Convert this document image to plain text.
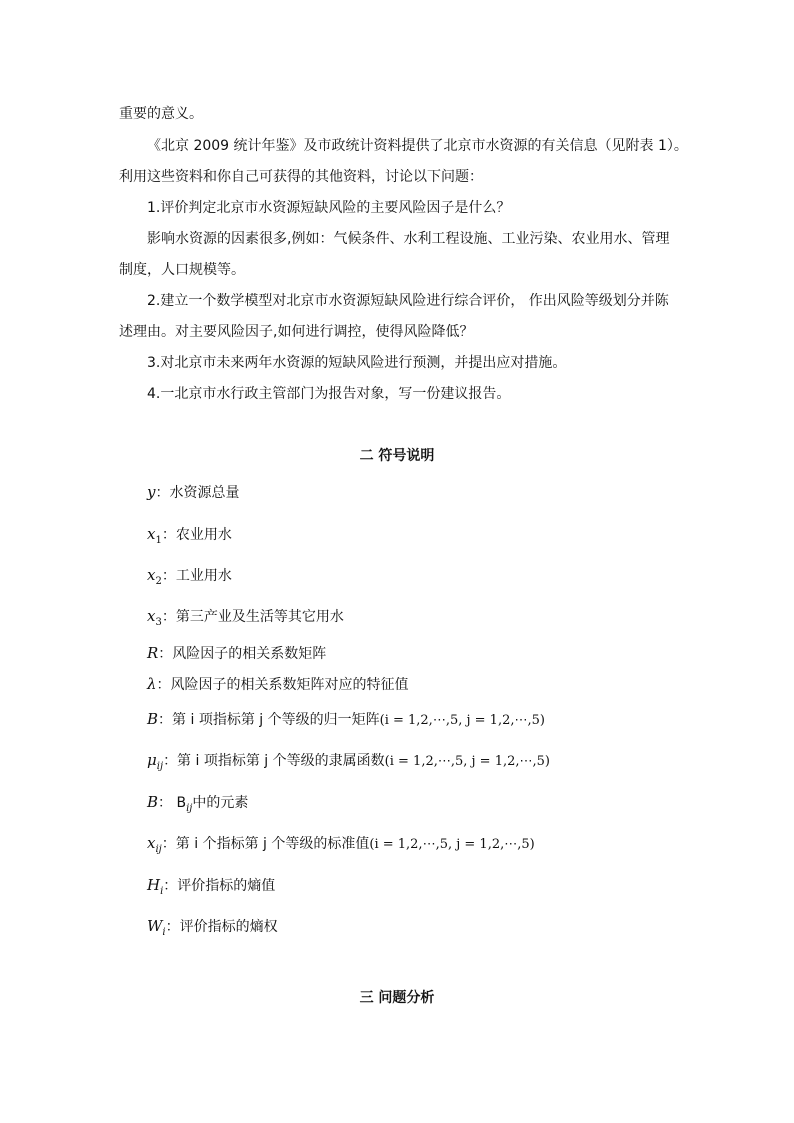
重要的意义。

《北京 2009 统计年鉴》及市政统计资料提供了北京市水资源的有关信息（见附表 1）。

利用这些资料和你自己可获得的其他资料，讨论以下问题：

1.评价判定北京市水资源短缺风险的主要风险因子是什么？

影响水资源的因素很多,例如：气候条件、水利工程设施、工业污染、农业用水、管理

制度，人口规模等。

2.建立一个数学模型对北京市水资源短缺风险进行综合评价， 作出风险等级划分并陈

述理由。对主要风险因子,如何进行调控，使得风险降低？

3.对北京市未来两年水资源的短缺风险进行预测，并提出应对措施。

4.一北京市水行政主管部门为报告对象，写一份建议报告。

二 符号说明
y：水资源总量
$x_1$：农业用水
$x_2$：工业用水
$x_3$：第三产业及生活等其它用水
R：风险因子的相关系数矩阵
λ：风险因子的相关系数矩阵对应的特征值
B：第 i 项指标第 j 个等级的归一矩阵(i = 1,2,⋯,5, j = 1,2,⋯,5)
$\mu_{ij}$：第 i 项指标第 j 个等级的隶属函数(i = 1,2,⋯,5, j = 1,2,⋯,5)
B： $B_{ij}$中的元素
$x_{ij}$：第 i 个指标第 j 个等级的标准值(i = 1,2,⋯,5, j = 1,2,⋯,5)
$H_i$：评价指标的熵值
$W_i$：评价指标的熵权
三 问题分析
